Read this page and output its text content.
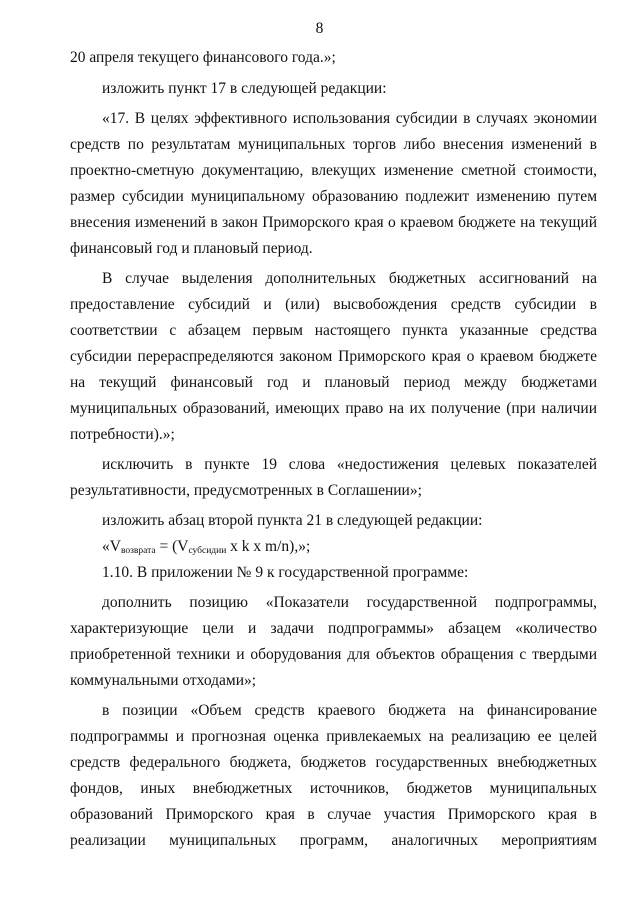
8
20 апреля текущего финансового года.»;
изложить пункт 17 в следующей редакции:
«17. В целях эффективного использования субсидии в случаях экономии
средств по результатам муниципальных торгов либо внесения изменений в
проектно-сметную документацию, влекущих изменение сметной стоимости,
размер субсидии муниципальному образованию подлежит изменению путем
внесения изменений в закон Приморского края о краевом бюджете на текущий
финансовый год и плановый период.
В случае выделения дополнительных бюджетных ассигнований на
предоставление субсидий и (или) высвобождения средств субсидии в
соответствии с абзацем первым настоящего пункта указанные средства
субсидии перераспределяются законом Приморского края о краевом бюджете
на текущий финансовый год и плановый период между бюджетами
муниципальных образований, имеющих право на их получение (при наличии
потребности).»;
исключить в пункте 19 слова «недостижения целевых показателей
результативности, предусмотренных в Соглашении»;
изложить абзац второй пункта 21 в следующей редакции:
«$V_{возврата} = (V_{субсидии}$ x k x m/n),»;
1.10. В приложении № 9 к государственной программе:
дополнить позицию «Показатели государственной подпрограммы,
характеризующие цели и задачи подпрограммы» абзацем «количество
приобретенной техники и оборудования для объектов обращения с твердыми
коммунальными отходами»;
в позиции «Объем средств краевого бюджета на финансирование
подпрограммы и прогнозная оценка привлекаемых на реализацию ее целей
средств федерального бюджета, бюджетов государственных внебюджетных
фондов, иных внебюджетных источников, бюджетов муниципальных
образований Приморского края в случае участия Приморского края в
реализации муниципальных программ, аналогичных мероприятиям
